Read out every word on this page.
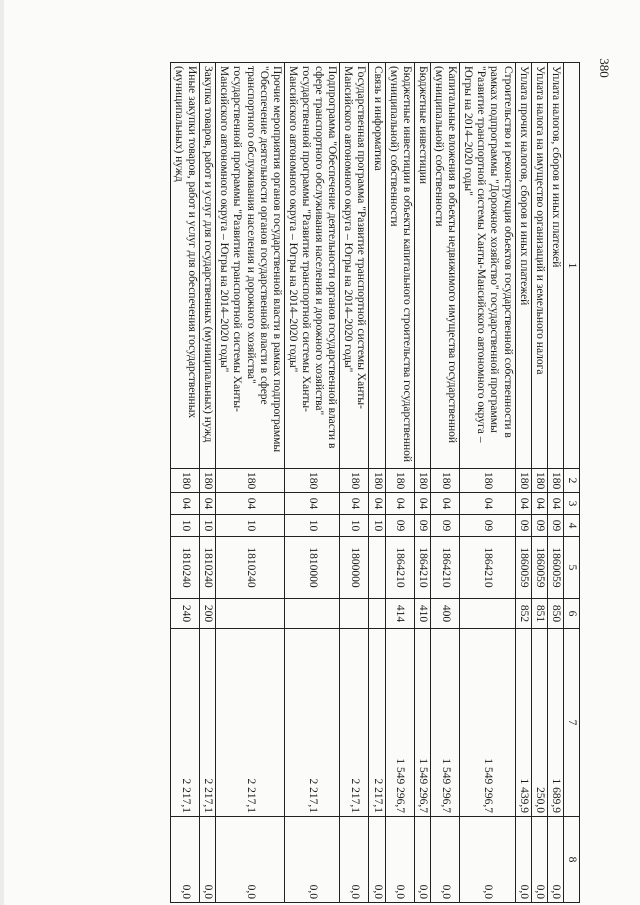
380
1	2	3	4	5	6	7	8
Уплата налогов, сборов и иных платежей	180	04	09	1860059	850	1 689,9	0,0
Уплата налога на имущество организаций и земельного налога	180	04	09	1860059	851	250,0	0,0
Уплата прочих налогов, сборов и иных платежей	180	04	09	1860059	852	1 439,9	0,0
Строительство и реконструкция объектов государственной собственности в рамках подпрограммы "Дорожное хозяйство" государственной программы "Развитие транспортной системы Ханты-Мансийского автономного округа – Югры на 2014–2020 годы"	180	04	09	1864210		1 549 296,7	0,0
Капитальные вложения в объекты недвижимого имущества государственной (муниципальной) собственности	180	04	09	1864210	400	1 549 296,7	0,0
Бюджетные инвестиции	180	04	09	1864210	410	1 549 296,7	0,0
Бюджетные инвестиции в объекты капитального строительства государственной (муниципальной) собственности	180	04	09	1864210	414	1 549 296,7	0,0
Связь и информатика	180	04	10			2 217,1	0,0
Государственная программа "Развитие транспортной системы Ханты-Мансийского автономного округа – Югры на 2014–2020 годы"	180	04	10	1800000		2 217,1	0,0
Подпрограмма "Обеспечение деятельности органов государственной власти в сфере транспортного обслуживания населения и дорожного хозяйства" государственной программы "Развитие транспортной системы Ханты-Мансийского автономного округа – Югры на 2014–2020 годы"	180	04	10	1810000		2 217,1	0,0
Прочие мероприятия органов государственной власти в рамках подпрограммы "Обеспечение деятельности органов государственной власти в сфере транспортного обслуживания населения и дорожного хозяйства" государственной программы "Развитие транспортной системы Ханты-Мансийского автономного округа – Югры на 2014–2020 годы"	180	04	10	1810240		2 217,1	0,0
Закупка товаров, работ и услуг для государственных (муниципальных) нужд	180	04	10	1810240	200	2 217,1	0,0
Иные закупки товаров, работ и услуг для обеспечения государственных (муниципальных) нужд	180	04	10	1810240	240	2 217,1	0,0
